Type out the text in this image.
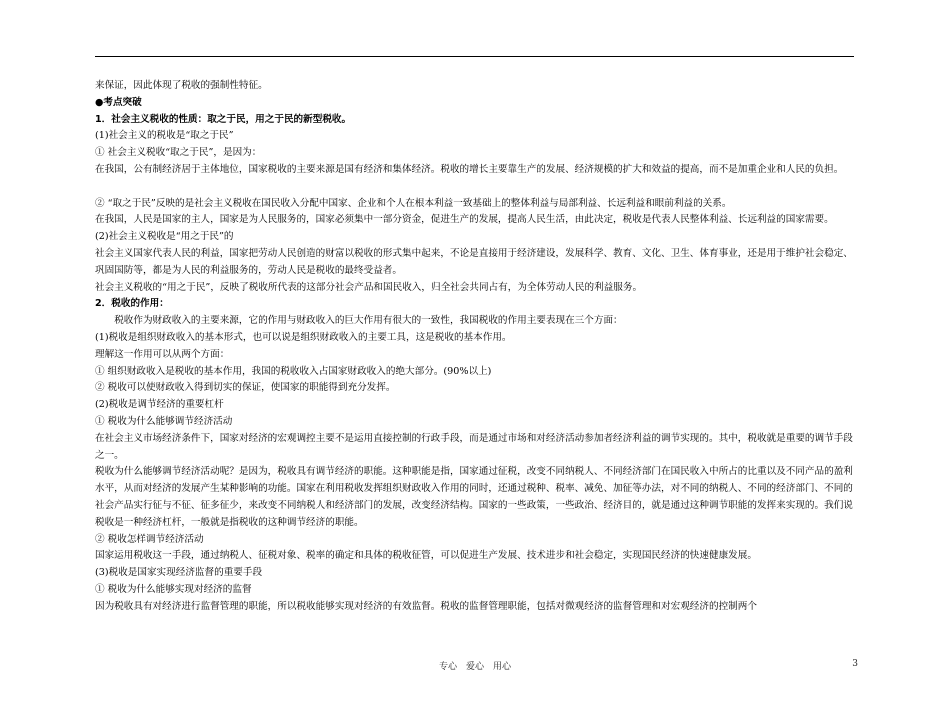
来保证，因此体现了税收的强制性特征。

●考点突破

1．社会主义税收的性质：取之于民，用之于民的新型税收。

(1)社会主义的税收是“取之于民”

① 社会主义税收“取之于民”，是因为：

在我国，公有制经济居于主体地位，国家税收的主要来源是国有经济和集体经济。税收的增长主要靠生产的发展、经济规模的扩大和效益的提高，而不是加重企业和人民的负担。

② “取之于民”反映的是社会主义税收在国民收入分配中国家、企业和个人在根本利益一致基础上的整体利益与局部利益、长远利益和眼前利益的关系。

在我国，人民是国家的主人，国家是为人民服务的，国家必须集中一部分资金，促进生产的发展，提高人民生活，由此决定，税收是代表人民整体利益、长远利益的国家需要。

(2)社会主义税收是“用之于民”的

社会主义国家代表人民的利益，国家把劳动人民创造的财富以税收的形式集中起来，不论是直接用于经济建设，发展科学、教育、文化、卫生、体育事业，还是用于维护社会稳定、巩固国防等，都是为人民的利益服务的，劳动人民是税收的最终受益者。

社会主义税收的“用之于民”，反映了税收所代表的这部分社会产品和国民收入，归全社会共同占有，为全体劳动人民的利益服务。

2．税收的作用：

税收作为财政收入的主要来源，它的作用与财政收入的巨大作用有很大的一致性，我国税收的作用主要表现在三个方面：

(1)税收是组织财政收入的基本形式，也可以说是组织财政收入的主要工具，这是税收的基本作用。

理解这一作用可以从两个方面：

① 组织财政收入是税收的基本作用，我国的税收收入占国家财政收入的绝大部分。(90%以上)

② 税收可以使财政收入得到切实的保证，使国家的职能得到充分发挥。

(2)税收是调节经济的重要杠杆

① 税收为什么能够调节经济活动

在社会主义市场经济条件下，国家对经济的宏观调控主要不是运用直接控制的行政手段，而是通过市场和对经济活动参加者经济利益的调节实现的。其中，税收就是重要的调节手段之一。

税收为什么能够调节经济活动呢？是因为，税收具有调节经济的职能。这种职能是指，国家通过征税，改变不同纳税人、不同经济部门在国民收入中所占的比重以及不同产品的盈利水平，从而对经济的发展产生某种影响的功能。国家在利用税收发挥组织财政收入作用的同时，还通过税种、税率、减免、加征等办法，对不同的纳税人、不同的经济部门、不同的社会产品实行征与不征、征多征少，来改变不同纳税人和经济部门的发展，改变经济结构。国家的一些政策，一些政治、经济目的，就是通过这种调节职能的发挥来实现的。我们说税收是一种经济杠杆，一般就是指税收的这种调节经济的职能。

② 税收怎样调节经济活动

国家运用税收这一手段，通过纳税人、征税对象、税率的确定和具体的税收征管，可以促进生产发展、技术进步和社会稳定，实现国民经济的快速健康发展。

(3)税收是国家实现经济监督的重要手段

① 税收为什么能够实现对经济的监督

因为税收具有对经济进行监督管理的职能，所以税收能够实现对经济的有效监督。税收的监督管理职能，包括对微观经济的监督管理和对宏观经济的控制两个

专心　爱心　用心	3
